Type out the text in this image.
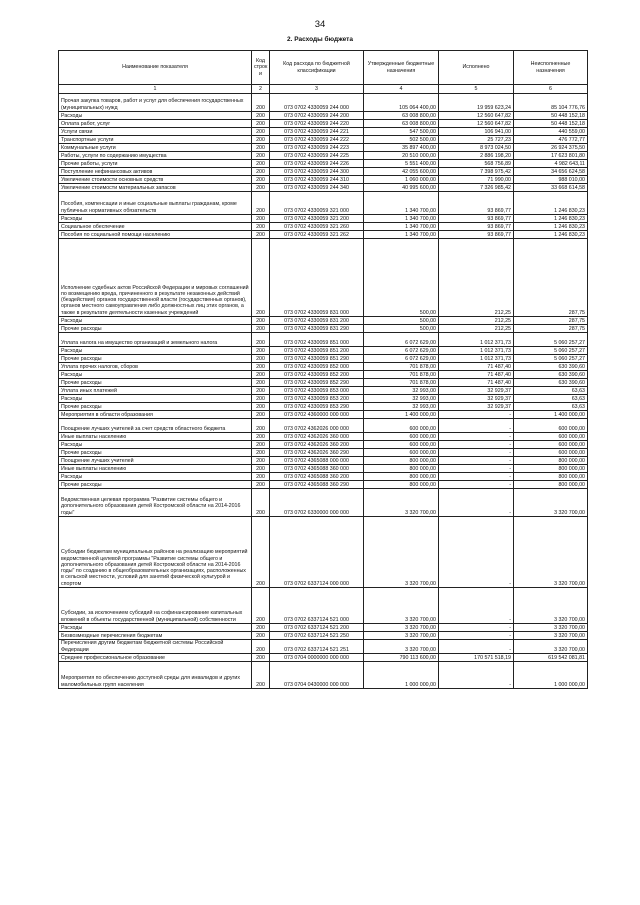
34
2. Расходы бюджета
Наименование показателя	Код строк и	Код расхода по бюджетной классификации	Утвержденные бюджетные назначения	Исполнено	Неисполненные назначения
1	2	3	4	5	6
Прочая закупка товаров, работ и услуг для обеспечения государственных (муниципальных) нужд	200	073 0702 4330059 244 000	105 064 400,00	19 959 623,24	85 104 776,76
Расходы	200	073 0702 4330059 244 200	63 008 800,00	12 560 647,82	50 448 152,18
Оплата работ, услуг	200	073 0702 4330059 244 220	63 008 800,00	12 560 647,82	50 448 152,18
Услуги связи	200	073 0702 4330059 244 221	547 500,00	106 941,00	440 559,00
Транспортные услуги	200	073 0702 4330059 244 222	502 500,00	25 727,23	476 772,77
Коммунальные услуги	200	073 0702 4330059 244 223	35 897 400,00	8 973 024,50	26 924 375,50
Работы, услуги по содержанию имущества	200	073 0702 4330059 244 225	20 510 000,00	2 886 198,20	17 623 801,80
Прочие работы, услуги	200	073 0702 4330059 244 226	5 551 400,00	568 756,89	4 982 643,11
Поступление нефинансовых активов	200	073 0702 4330059 244 300	42 055 600,00	7 398 975,42	34 656 624,58
Увеличение стоимости основных средств	200	073 0702 4330059 244 310	1 060 000,00	71 990,00	988 010,00
Увеличение стоимости материальных запасов	200	073 0702 4330059 244 340	40 995 600,00	7 326 985,42	33 668 614,58
Пособия, компенсации и иные социальные выплаты гражданам, кроме публичных нормативных обязательств	200	073 0702 4330059 321 000	1 340 700,00	93 869,77	1 246 830,23
Расходы	200	073 0702 4330059 321 200	1 340 700,00	93 869,77	1 246 830,23
Социальное обеспечение	200	073 0702 4330059 321 260	1 340 700,00	93 869,77	1 246 830,23
Пособия по социальной помощи населению	200	073 0702 4330059 321 262	1 340 700,00	93 869,77	1 246 830,23
Исполнение судебных актов Российской Федерации и мировых соглашений по возмещению вреда, причиненного в результате незаконных действий (бездействия) органов государственной власти (государственных органов), органов местного самоуправления либо должностных лиц этих органов, а также в результате деятельности казенных учреждений	200	073 0702 4330059 831 000	500,00	212,25	287,75
Расходы	200	073 0702 4330059 831 200	500,00	212,25	287,75
Прочие расходы	200	073 0702 4330059 831 290	500,00	212,25	287,75
Уплата налога на имущество организаций и земельного налога	200	073 0702 4330059 851 000	6 072 629,00	1 012 371,73	5 060 257,27
Расходы	200	073 0702 4330059 851 200	6 072 629,00	1 012 371,73	5 060 257,27
Прочие расходы	200	073 0702 4330059 851 290	6 072 629,00	1 012 371,73	5 060 257,27
Уплата прочих налогов, сборов	200	073 0702 4330059 852 000	701 878,00	71 487,40	630 390,60
Расходы	200	073 0702 4330059 852 200	701 878,00	71 487,40	630 390,60
Прочие расходы	200	073 0702 4330059 852 290	701 878,00	71 487,40	630 390,60
Уплата иных платежей	200	073 0702 4330059 853 000	32 993,00	32 929,37	63,63
Расходы	200	073 0702 4330059 853 200	32 993,00	32 929,37	63,63
Прочие расходы	200	073 0702 4330059 853 290	32 993,00	32 929,37	63,63
Мероприятия в области образования	200	073 0702 4360000 000 000	1 400 000,00	-	1 400 000,00
Поощрение лучших учителей за счет средств областного бюджета	200	073 0702 4362026 000 000	600 000,00	-	600 000,00
Иные выплаты населению	200	073 0702 4362026 360 000	600 000,00	-	600 000,00
Расходы	200	073 0702 4362026 360 200	600 000,00	-	600 000,00
Прочие расходы	200	073 0702 4362026 360 290	600 000,00	-	600 000,00
Поощрение лучших учителей	200	073 0702 4365088 000 000	800 000,00	-	800 000,00
Иные выплаты населению	200	073 0702 4365088 360 000	800 000,00	-	800 000,00
Расходы	200	073 0702 4365088 360 200	800 000,00	-	800 000,00
Прочие расходы	200	073 0702 4365088 360 290	800 000,00	-	800 000,00
Ведомственная целевая программа "Развитие системы общего и дополнительного образования детей Костромской области на 2014-2016 годы"	200	073 0702 6330000 000 000	3 320 700,00	-	3 320 700,00
Субсидии бюджетам муниципальных районов на реализацию мероприятий ведомственной целевой программы "Развитие системы общего и дополнительного образования детей Костромской области на 2014-2016 годы" по созданию в общеобразовательных организациях, расположенных в сельской местности, условий для занятий физической культурой и спортом	200	073 0702 6337124 000 000	3 320 700,00	-	3 320 700,00
Субсидии, за исключением субсидий на софинансирование капитальных вложений в объекты государственной (муниципальной) собственности	200	073 0702 6337124 521 000	3 320 700,00	-	3 320 700,00
Расходы	200	073 0702 6337124 521 200	3 320 700,00	-	3 320 700,00
Безвозмездные перечисления бюджетам	200	073 0702 6337124 521 250	3 320 700,00	-	3 320 700,00
Перечисления другим бюджетам бюджетной системы Российской Федерации	200	073 0702 6337124 521 251	3 320 700,00	-	3 320 700,00
Среднее профессиональное образование	200	073 0704 0000000 000 000	790 113 600,00	170 571 518,19	619 542 081,81
Мероприятия по обеспечению доступной среды для инвалидов и других маломобильных групп населения	200	073 0704 0430000 000 000	1 000 000,00	-	1 000 000,00
